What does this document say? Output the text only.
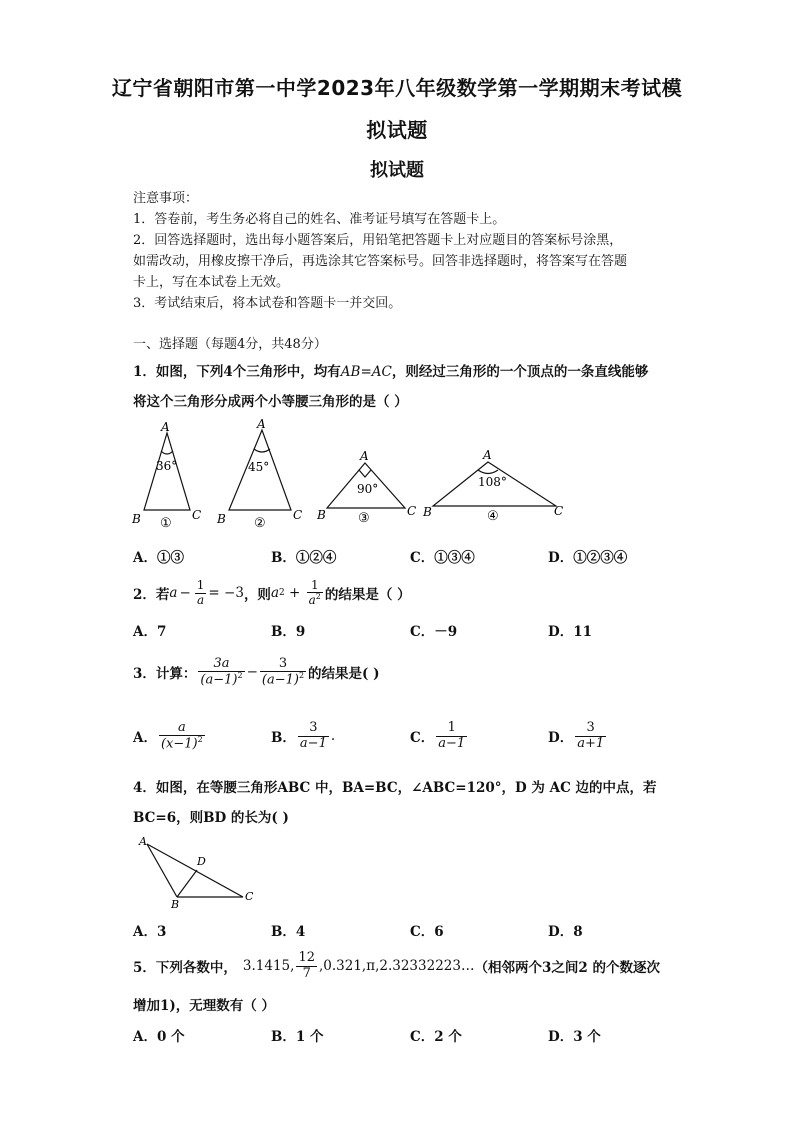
辽宁省朝阳市第一中学2023年八年级数学第一学期期末考试模
拟试题
拟试题
注意事项：
1．答卷前，考生务必将自己的姓名、准考证号填写在答题卡上。
2．回答选择题时，选出每小题答案后，用铅笔把答题卡上对应题目的答案标号涂黑，
如需改动，用橡皮擦干净后，再选涂其它答案标号。回答非选择题时，将答案写在答题
卡上，写在本试卷上无效。
3．考试结束后，将本试卷和答题卡一并交回。
一、选择题（每题4分，共48分）
1．如图，下列4个三角形中，均有AB=AC，则经过三角形的一个顶点的一条直线能够
将这个三角形分成两个小等腰三角形的是（ ）
A
B	C
36°
①
A
B	C
45°
②
A
B	C
90°
③
A
B	C
108°
④
A．①③	B．①②④	C．①③④	D．①②③④
2．若 $a - \frac{1}{a} = -3$ ，则 a $2 + \frac{1}{a^2}$ 的结果是（ ）
A．7	B．9	C．－9	D．11
3．计算： $\frac{3a}{(a-1)^2} - \frac{3}{(a-1)^2}$ 的结果是( )
A． $\frac{a}{(x-1)^2}$	B． $\frac{3}{a-1}$ .	C． $\frac{1}{a-1}$	D． $\frac{3}{a+1}$
4．如图，在等腰三角形ABC 中，BA=BC，∠ABC=120°，D 为 AC 边的中点，若
BC=6，则BD 的长为( )
A
B
C
D
A．3	B．4	C．6	D．8
5．下列各数中， 3.1415, $\frac{12}{7}$ ,0.321,π,2.32332223… （相邻两个3之间2 的个数逐次
增加1)，无理数有（ ）
A．0 个	B．1 个	C．2 个	D．3 个
